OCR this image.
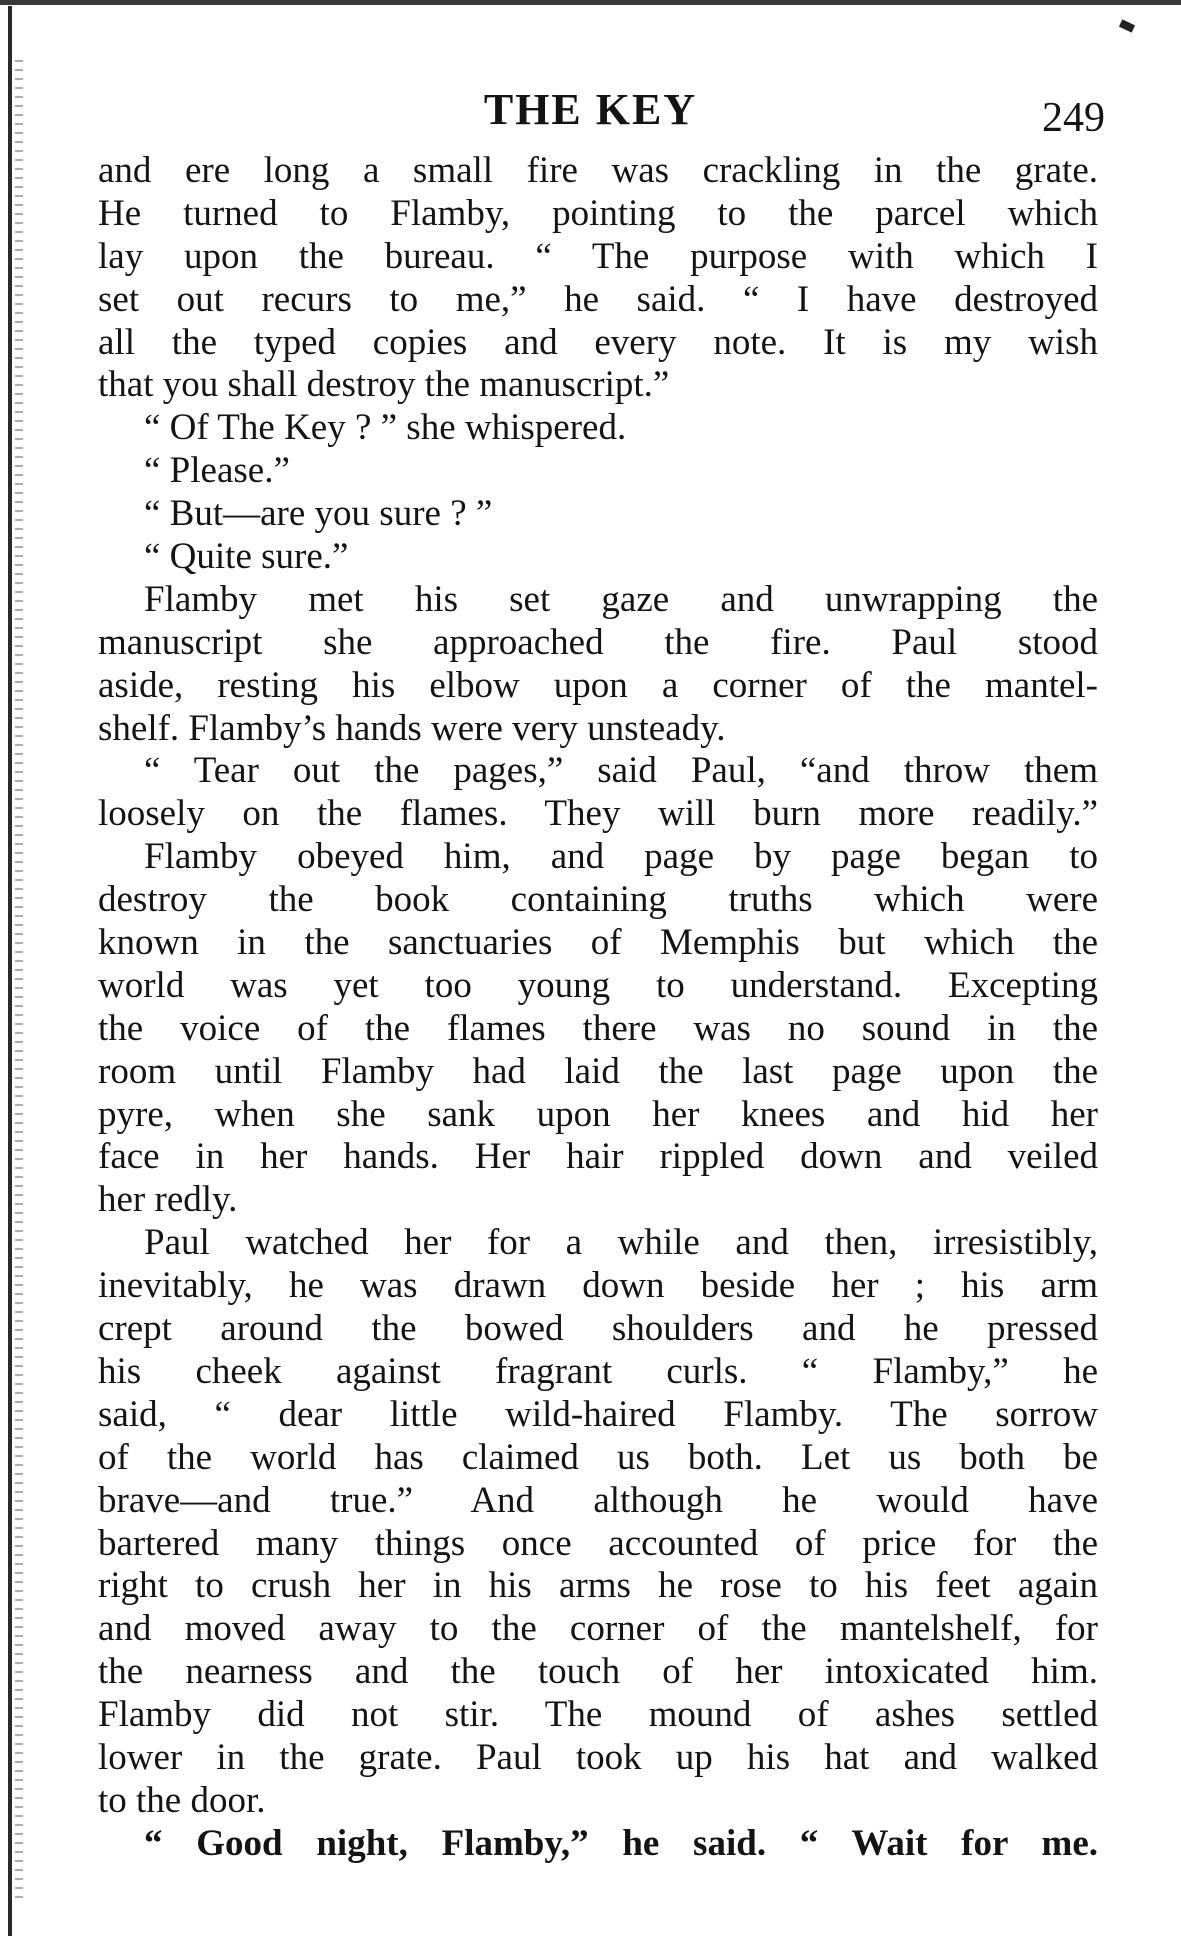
THE KEY	249
and ere long a small fire was crackling in the grate.
He turned to Flamby, pointing to the parcel which
lay upon the bureau. “ The purpose with which I
set out recurs to me,” he said. “ I have destroyed
all the typed copies and every note. It is my wish
that you shall destroy the manuscript.”
“ Of The Key ? ” she whispered.
“ Please.”
“ But—are you sure ? ”
“ Quite sure.”
Flamby met his set gaze and unwrapping the
manuscript she approached the fire. Paul stood
aside, resting his elbow upon a corner of the mantel-
shelf. Flamby’s hands were very unsteady.
“ Tear out the pages,” said Paul, “and throw them
loosely on the flames. They will burn more readily.”
Flamby obeyed him, and page by page began to
destroy the book containing truths which were
known in the sanctuaries of Memphis but which the
world was yet too young to understand. Excepting
the voice of the flames there was no sound in the
room until Flamby had laid the last page upon the
pyre, when she sank upon her knees and hid her
face in her hands. Her hair rippled down and veiled
her redly.
Paul watched her for a while and then, irresistibly,
inevitably, he was drawn down beside her ; his arm
crept around the bowed shoulders and he pressed
his cheek against fragrant curls. “ Flamby,” he
said, “ dear little wild-haired Flamby. The sorrow
of the world has claimed us both. Let us both be
brave—and true.” And although he would have
bartered many things once accounted of price for the
right to crush her in his arms he rose to his feet again
and moved away to the corner of the mantelshelf, for
the nearness and the touch of her intoxicated him.
Flamby did not stir. The mound of ashes settled
lower in the grate. Paul took up his hat and walked
to the door.
“ Good night, Flamby,” he said. “ Wait for me.
